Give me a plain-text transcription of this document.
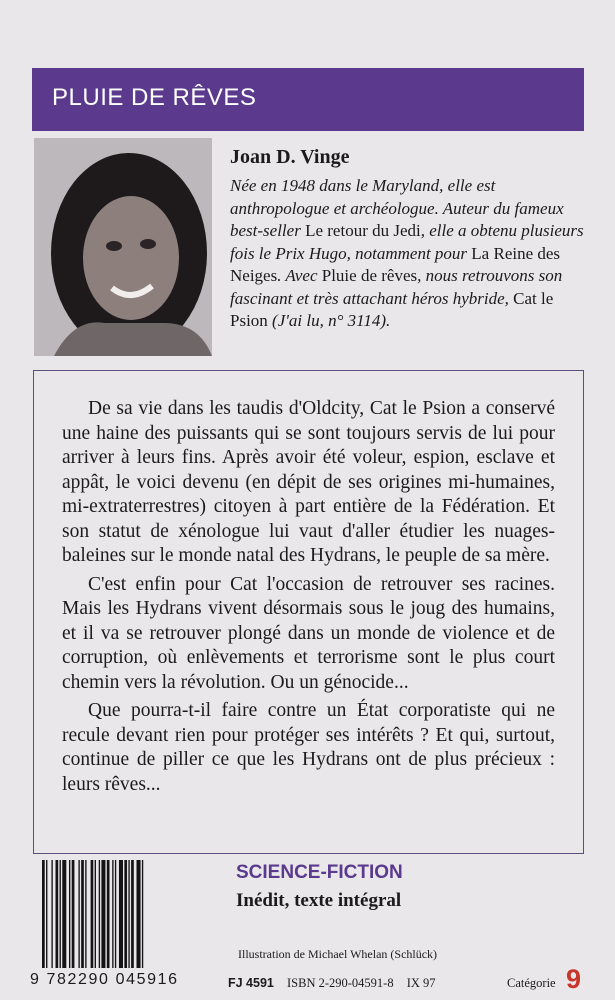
PLUIE DE RÊVES

Joan D. Vinge

Née en 1948 dans le Maryland, elle est anthropologue et archéologue. Auteur du fameux best-seller Le retour du Jedi, elle a obtenu plusieurs fois le Prix Hugo, notamment pour La Reine des Neiges. Avec Pluie de rêves, nous retrouvons son fascinant et très attachant héros hybride, Cat le Psion (J'ai lu, n° 3114).

De sa vie dans les taudis d'Oldcity, Cat le Psion a conservé une haine des puissants qui se sont toujours servis de lui pour arriver à leurs fins. Après avoir été voleur, espion, esclave et appât, le voici devenu (en dépit de ses origines mi-humaines, mi-extraterrestres) citoyen à part entière de la Fédération. Et son statut de xénologue lui vaut d'aller étudier les nuages-baleines sur le monde natal des Hydrans, le peuple de sa mère.

C'est enfin pour Cat l'occasion de retrouver ses racines. Mais les Hydrans vivent désormais sous le joug des humains, et il va se retrouver plongé dans un monde de violence et de corruption, où enlèvements et terrorisme sont le plus court chemin vers la révolution. Ou un génocide...

Que pourra-t-il faire contre un État corporatiste qui ne recule devant rien pour protéger ses intérêts ? Et qui, surtout, continue de piller ce que les Hydrans ont de plus précieux : leurs rêves...

9 782290 045916
SCIENCE-FICTION
Inédit, texte intégral
Illustration de Michael Whelan (Schlück)
FJ 4591 ISBN 2-290-04591-8 IX 97	Catégorie 9
